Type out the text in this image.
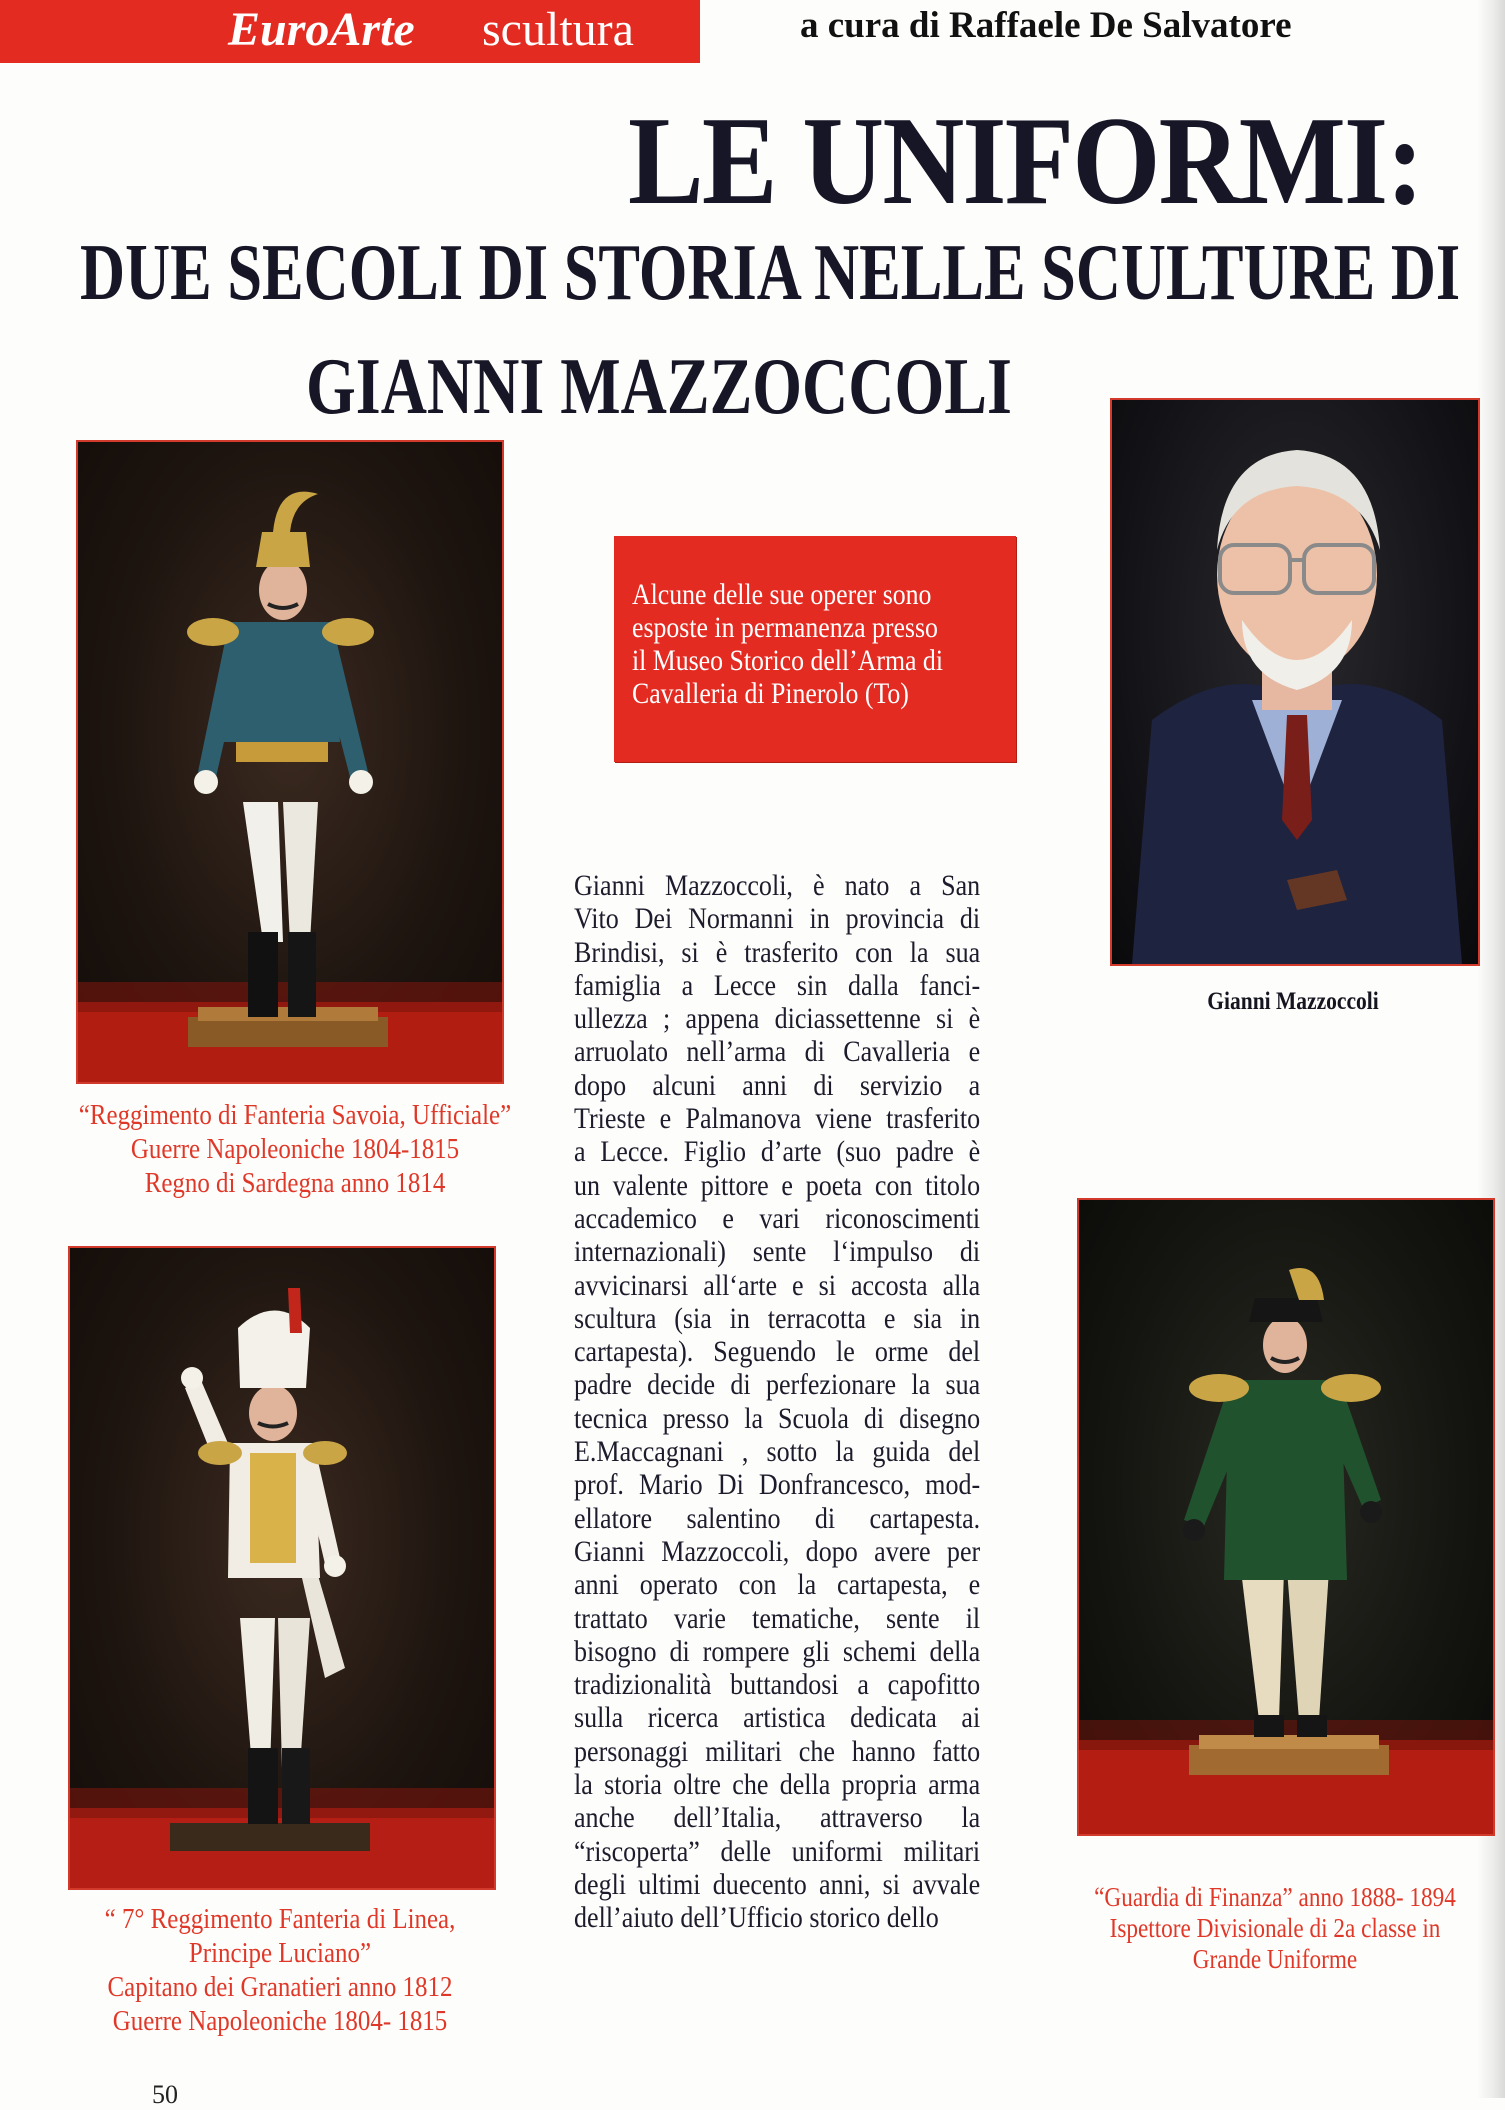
EuroArte scultura	a cura di Raffaele De Salvatore
LE UNIFORMI:
DUE SECOLI DI STORIA NELLE SCULTURE DI
GIANNI MAZZOCCOLI
“Reggimento di Fanteria Savoia, Ufficiale”
Guerre Napoleoniche 1804-1815
Regno di Sardegna anno 1814
“ 7° Reggimento Fanteria di Linea,
Principe Luciano”
Capitano dei Granatieri anno 1812
Guerre Napoleoniche 1804- 1815
Alcune delle sue operer sono
esposte in permanenza presso
il Museo Storico dell’Arma di
Cavalleria di Pinerolo (To)
Gianni Mazzoccoli, è nato a San
Vito Dei Normanni in provincia di
Brindisi, si è trasferito con la sua
famiglia a Lecce sin dalla fanci-
ullezza ; appena diciassettenne si è
arruolato nell’arma di Cavalleria e
dopo alcuni anni di servizio a
Trieste e Palmanova viene trasferito
a Lecce. Figlio d’arte (suo padre è
un valente pittore e poeta con titolo
accademico e vari riconoscimenti
internazionali) sente l‘impulso di
avvicinarsi all‘arte e si accosta alla
scultura (sia in terracotta e sia in
cartapesta). Seguendo le orme del
padre decide di perfezionare la sua
tecnica presso la Scuola di disegno
E.Maccagnani , sotto la guida del
prof. Mario Di Donfrancesco, mod-
ellatore salentino di cartapesta.
Gianni Mazzoccoli, dopo avere per
anni operato con la cartapesta, e
trattato varie tematiche, sente il
bisogno di rompere gli schemi della
tradizionalità buttandosi a capofitto
sulla ricerca artistica dedicata ai
personaggi militari che hanno fatto
la storia oltre che della propria arma
anche dell’Italia, attraverso la
“riscoperta” delle uniformi militari
degli ultimi duecento anni, si avvale
dell’aiuto dell’Ufficio storico dello
Gianni Mazzoccoli
“Guardia di Finanza” anno 1888- 1894
Ispettore Divisionale di 2a classe in
Grande Uniforme
50
